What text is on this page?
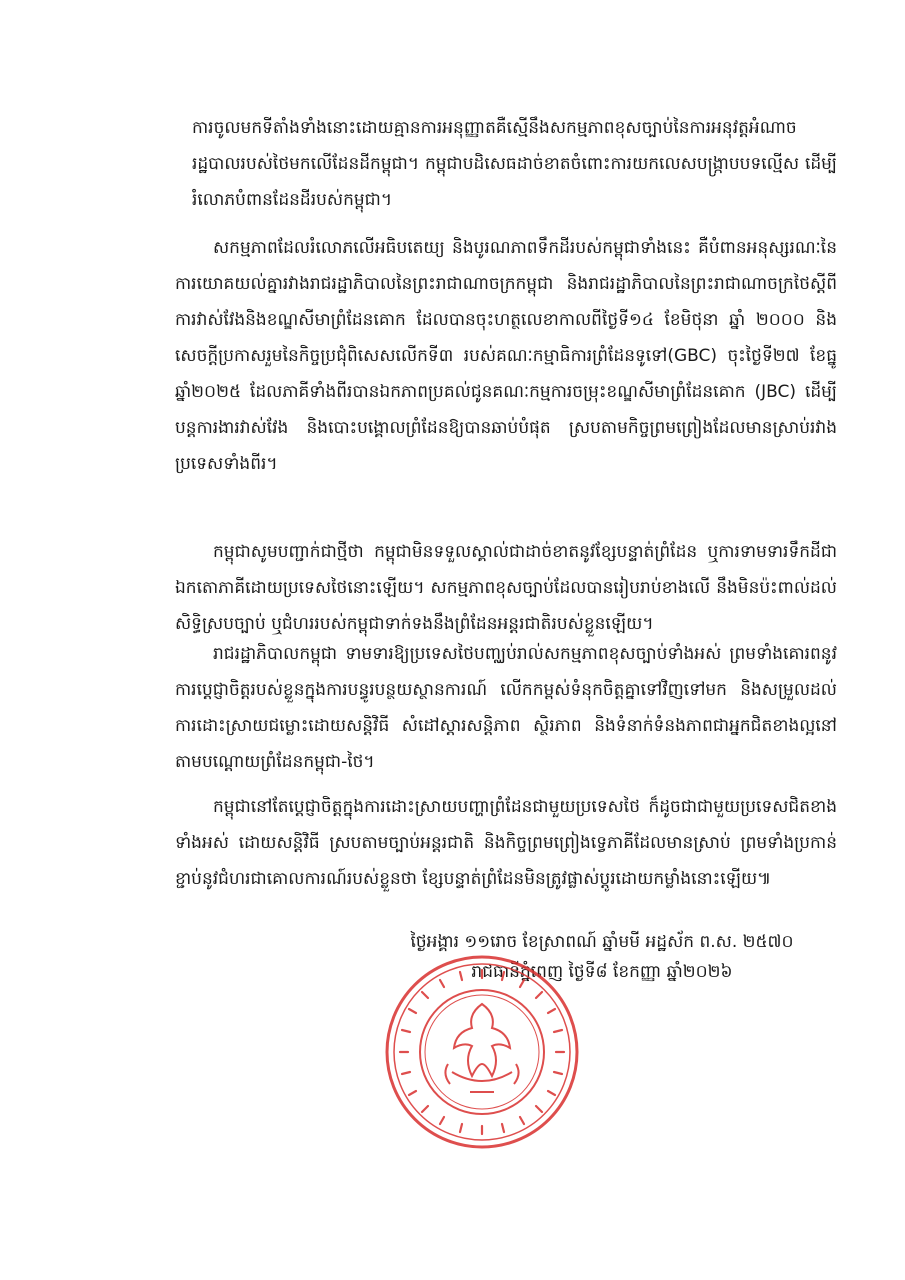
ការចូលមកទីតាំងទាំងនោះដោយគ្មានការអនុញ្ញាតគឺស្មើនឹងសកម្មភាពខុសច្បាប់នៃការអនុវត្តអំណាចរដ្ឋបាលរបស់ថៃមកលើដែនដីកម្ពុជា។ កម្ពុជាបដិសេធដាច់ខាតចំពោះការយកលេសបង្ក្រាបបទល្មើស ដើម្បីរំលោភបំពានដែនដីរបស់កម្ពុជា។

សកម្មភាពដែលរំលោភលើអធិបតេយ្យ និងបូរណភាពទឹកដីរបស់កម្ពុជាទាំងនេះ គឺបំពានអនុស្សរណៈនៃការយោគយល់គ្នារវាងរាជរដ្ឋាភិបាលនៃព្រះរាជាណាចក្រកម្ពុជា និងរាជរដ្ឋាភិបាលនៃព្រះរាជាណាចក្រថៃស្តីពីការវាស់វែងនិងខណ្ឌសីមាព្រំដែនគោក ដែលបានចុះហត្ថលេខាកាលពីថ្ងៃទី១៤ ខែមិថុនា ឆ្នាំ ២០០០ និងសេចក្តីប្រកាសរួមនៃកិច្ចប្រជុំពិសេសលើកទី៣ របស់គណៈកម្មាធិការព្រំដែនទូទៅ(GBC) ចុះថ្ងៃទី២៧ ខែធ្នូ ឆ្នាំ២០២៥ ដែលភាគីទាំងពីរបានឯកភាពប្រគល់ជូនគណៈកម្មការចម្រុះខណ្ឌសីមាព្រំដែនគោក (JBC) ដើម្បីបន្តការងារវាស់វែង និងបោះបង្គោលព្រំដែនឱ្យបានឆាប់បំផុត ស្របតាមកិច្ចព្រមព្រៀងដែលមានស្រាប់រវាងប្រទេសទាំងពីរ។

កម្ពុជាសូមបញ្ជាក់ជាថ្មីថា កម្ពុជាមិនទទួលស្គាល់ជាដាច់ខាតនូវខ្សែបន្ទាត់ព្រំដែន ឬការទាមទារទឹកដីជាឯកតោភាគីដោយប្រទេសថៃនោះឡើយ។ សកម្មភាពខុសច្បាប់ដែលបានរៀបរាប់ខាងលើ នឹងមិនប៉ះពាល់ដល់សិទ្ធិស្របច្បាប់ ឬជំហររបស់កម្ពុជាទាក់ទងនឹងព្រំដែនអន្តរជាតិរបស់ខ្លួនឡើយ។

រាជរដ្ឋាភិបាលកម្ពុជា ទាមទារឱ្យប្រទេសថៃបញ្ឈប់រាល់សកម្មភាពខុសច្បាប់ទាំងអស់ ព្រមទាំងគោរពនូវការប្តេជ្ញាចិត្តរបស់ខ្លួនក្នុងការបន្ធូរបន្ថយស្ថានការណ៍ លើកកម្ពស់ទំនុកចិត្តគ្នាទៅវិញទៅមក និងសម្រួលដល់ការដោះស្រាយជម្លោះដោយសន្តិវិធី សំដៅស្តារសន្តិភាព ស្ថិរភាព និងទំនាក់ទំនងភាពជាអ្នកជិតខាងល្អនៅតាមបណ្តោយព្រំដែនកម្ពុជា-ថៃ។

កម្ពុជានៅតែប្តេជ្ញាចិត្តក្នុងការដោះស្រាយបញ្ហាព្រំដែនជាមួយប្រទេសថៃ ក៏ដូចជាជាមួយប្រទេសជិតខាងទាំងអស់ ដោយសន្តិវិធី ស្របតាមច្បាប់អន្តរជាតិ និងកិច្ចព្រមព្រៀងទ្វេភាគីដែលមានស្រាប់ ព្រមទាំងប្រកាន់ខ្ជាប់នូវជំហរជាគោលការណ៍របស់ខ្លួនថា ខ្សែបន្ទាត់ព្រំដែនមិនត្រូវផ្លាស់ប្តូរដោយកម្លាំងនោះឡើយ៕

ថ្ងៃអង្គារ ១១រោច ខែស្រាពណ៍ ឆ្នាំមមី អដ្ឋស័ក ព.ស. ២៥៧០

រាជធានីភ្នំពេញ ថ្ងៃទី៨ ខែកញ្ញា ឆ្នាំ២០២៦
